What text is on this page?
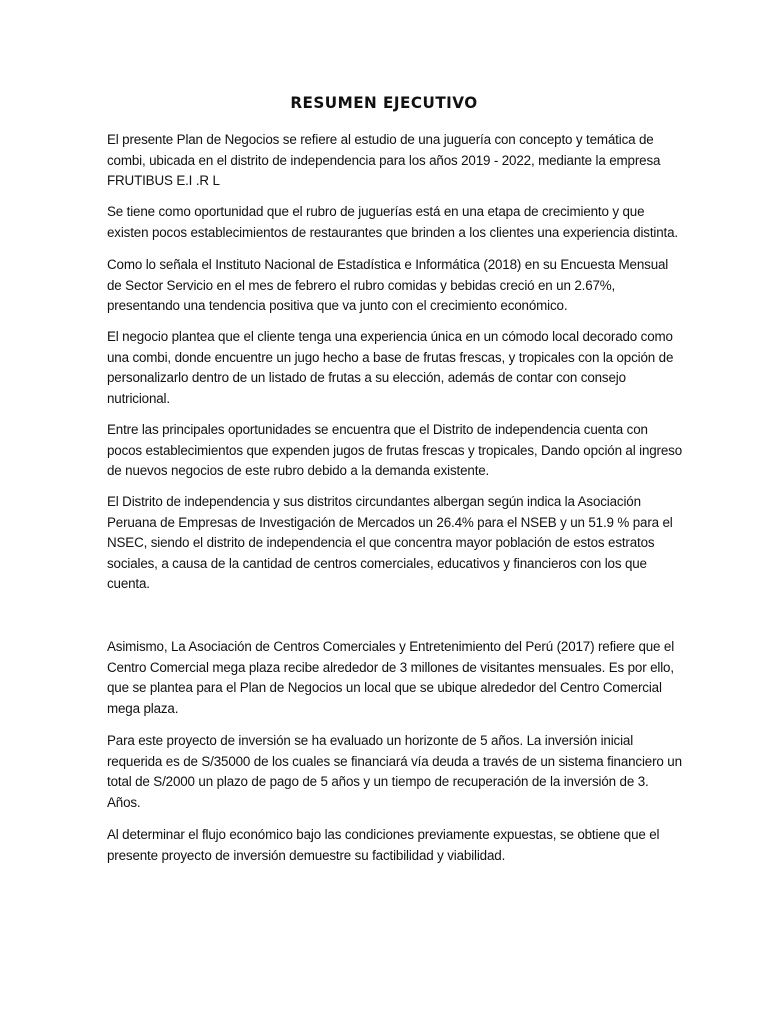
RESUMEN EJECUTIVO

El presente Plan de Negocios se refiere al estudio de una juguería con concepto y temática de
combi, ubicada en el distrito de independencia para los años 2019 - 2022, mediante la empresa
FRUTIBUS E.I .R L

Se tiene como oportunidad que el rubro de juguerías está en una etapa de crecimiento y que
existen pocos establecimientos de restaurantes que brinden a los clientes una experiencia distinta.

Como lo señala el Instituto Nacional de Estadística e Informática (2018) en su Encuesta Mensual
de Sector Servicio en el mes de febrero el rubro comidas y bebidas creció en un 2.67%,
presentando una tendencia positiva que va junto con el crecimiento económico.

El negocio plantea que el cliente tenga una experiencia única en un cómodo local decorado como
una combi, donde encuentre un jugo hecho a base de frutas frescas, y tropicales con la opción de
personalizarlo dentro de un listado de frutas a su elección, además de contar con consejo
nutricional.

Entre las principales oportunidades se encuentra que el Distrito de independencia cuenta con
pocos establecimientos que expenden jugos de frutas frescas y tropicales, Dando opción al ingreso
de nuevos negocios de este rubro debido a la demanda existente.

El Distrito de independencia y sus distritos circundantes albergan según indica la Asociación
Peruana de Empresas de Investigación de Mercados un 26.4% para el NSEB y un 51.9 % para el
NSEC, siendo el distrito de independencia el que concentra mayor población de estos estratos
sociales, a causa de la cantidad de centros comerciales, educativos y financieros con los que
cuenta.

Asimismo, La Asociación de Centros Comerciales y Entretenimiento del Perú (2017) refiere que el
Centro Comercial mega plaza recibe alrededor de 3 millones de visitantes mensuales. Es por ello,
que se plantea para el Plan de Negocios un local que se ubique alrededor del Centro Comercial
mega plaza.

Para este proyecto de inversión se ha evaluado un horizonte de 5 años. La inversión inicial
requerida es de S/35000 de los cuales se financiará vía deuda a través de un sistema financiero un
total de S/2000 un plazo de pago de 5 años y un tiempo de recuperación de la inversión de 3.
Años.

Al determinar el flujo económico bajo las condiciones previamente expuestas, se obtiene que el
presente proyecto de inversión demuestre su factibilidad y viabilidad.
